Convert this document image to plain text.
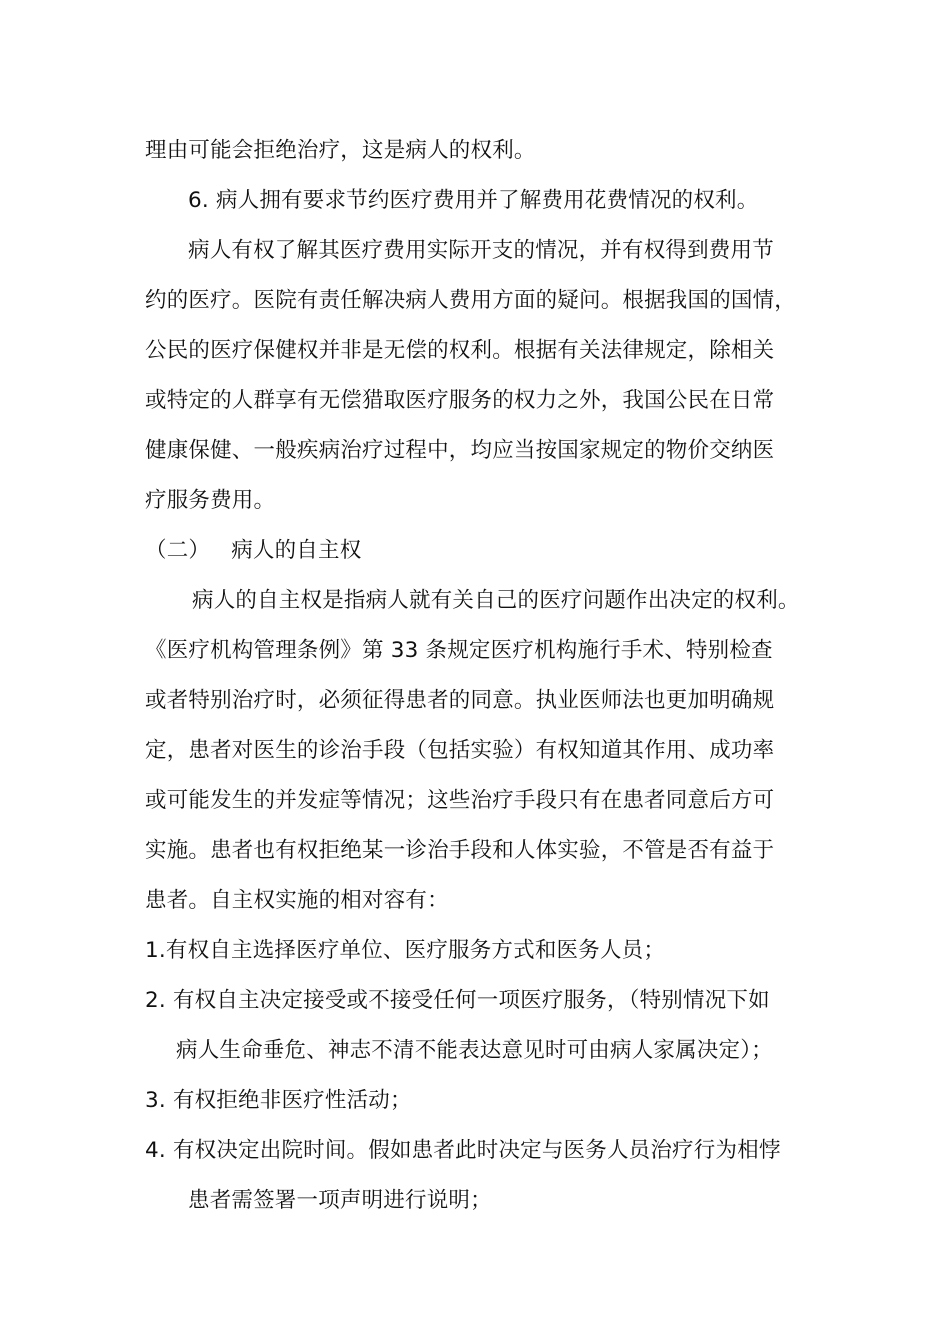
理由可能会拒绝治疗，这是病人的权利。
6. 病人拥有要求节约医疗费用并了解费用花费情况的权利。
病人有权了解其医疗费用实际开支的情况，并有权得到费用节
约的医疗。医院有责任解决病人费用方面的疑问。根据我国的国情，
公民的医疗保健权并非是无偿的权利。根据有关法律规定，除相关
或特定的人群享有无偿猎取医疗服务的权力之外，我国公民在日常
健康保健、一般疾病治疗过程中，均应当按国家规定的物价交纳医
疗服务费用。
（二）   病人的自主权
病人的自主权是指病人就有关自己的医疗问题作出决定的权利。
《医疗机构管理条例》第 33 条规定医疗机构施行手术、特别检查
或者特别治疗时，必须征得患者的同意。执业医师法也更加明确规
定，患者对医生的诊治手段（包括实验）有权知道其作用、成功率
或可能发生的并发症等情况；这些治疗手段只有在患者同意后方可
实施。患者也有权拒绝某一诊治手段和人体实验，不管是否有益于
患者。自主权实施的相对容有：
1.有权自主选择医疗单位、医疗服务方式和医务人员；
2. 有权自主决定接受或不接受任何一项医疗服务，（特别情况下如
病人生命垂危、神志不清不能表达意见时可由病人家属决定）；
3. 有权拒绝非医疗性活动；
4. 有权决定出院时间。假如患者此时决定与医务人员治疗行为相悖
患者需签署一项声明进行说明；
